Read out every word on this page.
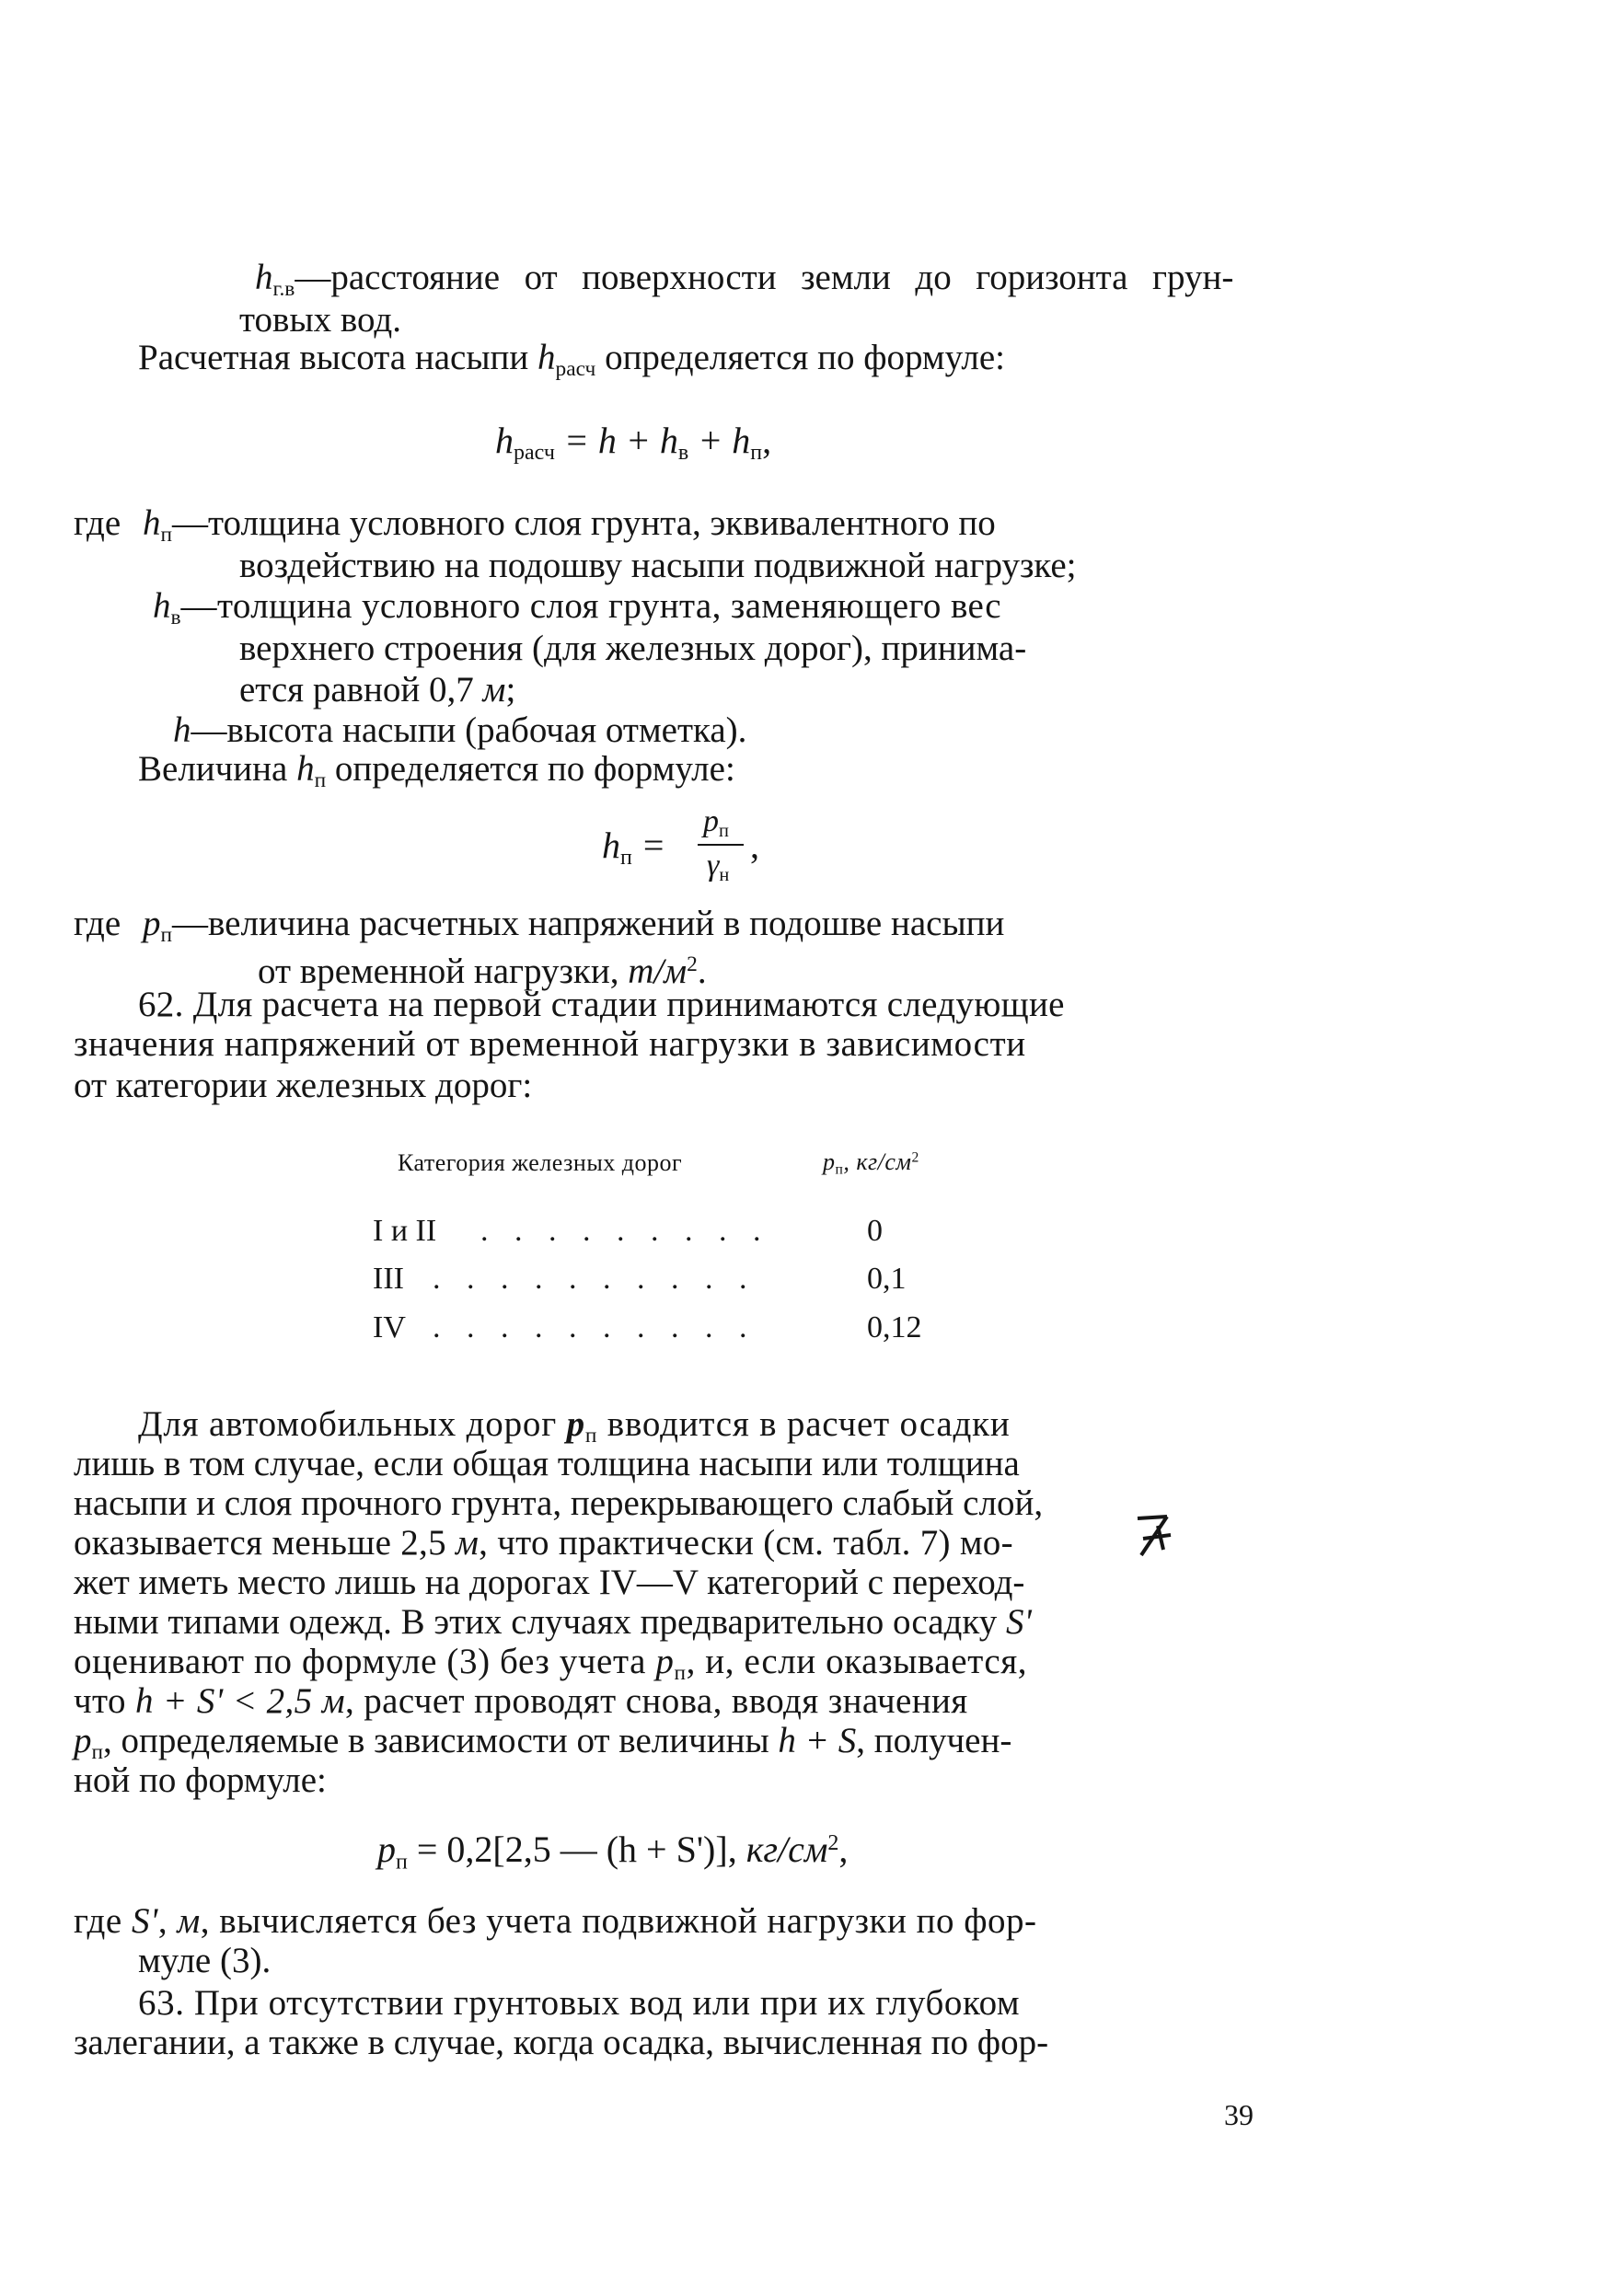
$h_{г.в}—расстояние$ от поверхности земли до горизонта грун-
товых вод.
Расчетная высота насыпи $h_{расч}$ определяется по формуле:
$h_{расч} = h + h_в + h_п$,
где $h_п—толщина$ условного слоя грунта, эквивалентного по
воздействию на подошву насыпи подвижной нагрузке;
$h_в—толщина$ условного слоя грунта, заменяющего вес
верхнего строения (для железных дорог), принима-
ется равной 0,7 м;
h—высота насыпи (рабочая отметка).
Величина $h_п$ определяется по формуле:
$h_п$ =
$p_п$
$\gamma_н$
,
где $p_п—величина$ расчетных напряжений в подошве насыпи
от временной нагрузки, $т/м^2$.
62. Для расчета на первой стадии принимаются следующие
значения напряжений от временной нагрузки в зависимости
от категории железных дорог:
Категория железных дорог	$p_п$, $кг/см^2$
I и II . . . . . . . . .	0
III . . . . . . . . . .	0,1
IV . . . . . . . . . .	0,12
Для автомобильных дорог $p_п$ вводится в расчет осадки
лишь в том случае, если общая толщина насыпи или толщина
насыпи и слоя прочного грунта, перекрывающего слабый слой,
оказывается меньше 2,5 м, что практически (см. табл. 7) мо-
жет иметь место лишь на дорогах IV—V категорий с переход-
ными типами одежд. В этих случаях предварительно осадку S'
оценивают по формуле (3) без учета $p_п$, и, если оказывается,
что h + S' < 2,5 м, расчет проводят снова, вводя значения
$p_п$, определяемые в зависимости от величины h + S, получен-
ной по формуле:
$p_п = 0,2[2,5$ — (h + S')], $кг/см^2$,
где S', м, вычисляется без учета подвижной нагрузки по фор-
муле (3).
63. При отсутствии грунтовых вод или при их глубоком
залегании, а также в случае, когда осадка, вычисленная по фор-
39
